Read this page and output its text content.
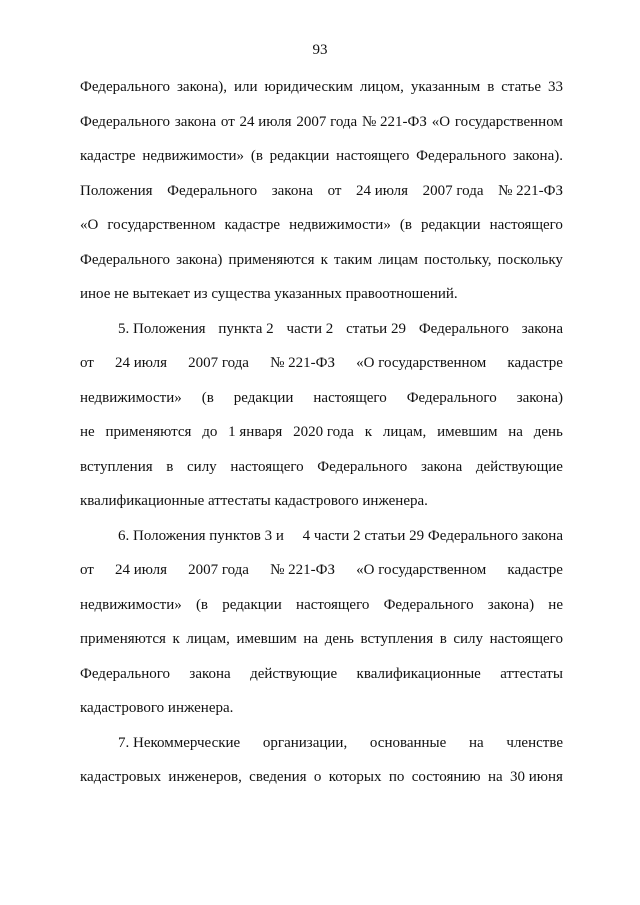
93
Федерального закона), или юридическим лицом, указанным в статье 33
Федерального закона от 24 июля 2007 года № 221-ФЗ «О государственном
кадастре недвижимости» (в редакции настоящего Федерального закона).
Положения Федерального закона от 24 июля 2007 года № 221-ФЗ
«О государственном кадастре недвижимости» (в редакции настоящего
Федерального закона) применяются к таким лицам постольку, поскольку
иное не вытекает из существа указанных правоотношений.
5. Положения пункта 2 части 2 статьи 29 Федерального закона
от 24 июля 2007 года № 221-ФЗ «О государственном кадастре
недвижимости» (в редакции настоящего Федерального закона)
не применяются до 1 января 2020 года к лицам, имевшим на день
вступления в силу настоящего Федерального закона действующие
квалификационные аттестаты кадастрового инженера.
6. Положения пунктов 3 и 4 части 2 статьи 29 Федерального закона
от 24 июля 2007 года № 221-ФЗ «О государственном кадастре
недвижимости» (в редакции настоящего Федерального закона) не
применяются к лицам, имевшим на день вступления в силу настоящего
Федерального закона действующие квалификационные аттестаты
кадастрового инженера.
7. Некоммерческие организации, основанные на членстве
кадастровых инженеров, сведения о которых по состоянию на 30 июня
